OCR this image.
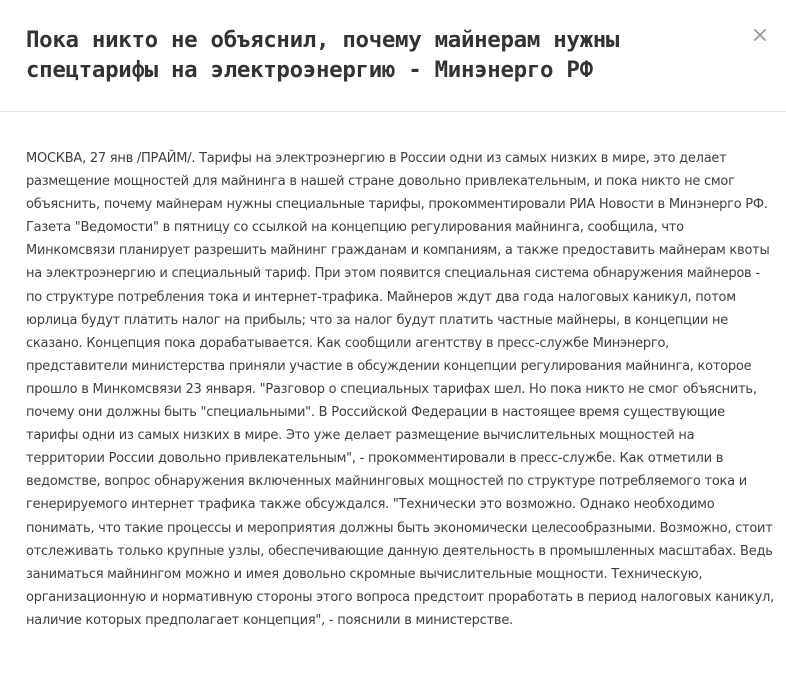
Пока никто не объяснил, почему майнерам нужны спецтарифы на электроэнергию - Минэнерго РФ

МОСКВА, 27 янв /ПРАЙМ/. Тарифы на электроэнергию в России одни из самых низких в мире, это делает размещение мощностей для майнинга в нашей стране довольно привлекательным, и пока никто не смог объяснить, почему майнерам нужны специальные тарифы, прокомментировали РИА Новости в Минэнерго РФ. Газета "Ведомости" в пятницу со ссылкой на концепцию регулирования майнинга, сообщила, что Минкомсвязи планирует разрешить майнинг гражданам и компаниям, а также предоставить майнерам квоты на электроэнергию и специальный тариф. При этом появится специальная система обнаружения майнеров - по структуре потребления тока и интернет-трафика. Майнеров ждут два года налоговых каникул, потом юрлица будут платить налог на прибыль; что за налог будут платить частные майнеры, в концепции не сказано. Концепция пока дорабатывается. Как сообщили агентству в пресс-службе Минэнерго, представители министерства приняли участие в обсуждении концепции регулирования майнинга, которое прошло в Минкомсвязи 23 января. "Разговор о специальных тарифах шел. Но пока никто не смог объяснить, почему они должны быть "специальными". В Российской Федерации в настоящее время существующие тарифы одни из самых низких в мире. Это уже делает размещение вычислительных мощностей на территории России довольно привлекательным", - прокомментировали в пресс-службе. Как отметили в ведомстве, вопрос обнаружения включенных майнинговых мощностей по структуре потребляемого тока и генерируемого интернет трафика также обсуждался. "Технически это возможно. Однако необходимо понимать, что такие процессы и мероприятия должны быть экономически целесообразными. Возможно, стоит отслеживать только крупные узлы, обеспечивающие данную деятельность в промышленных масштабах. Ведь заниматься майнингом можно и имея довольно скромные вычислительные мощности. Техническую, организационную и нормативную стороны этого вопроса предстоит проработать в период налоговых каникул, наличие которых предполагает концепция", - пояснили в министерстве.
